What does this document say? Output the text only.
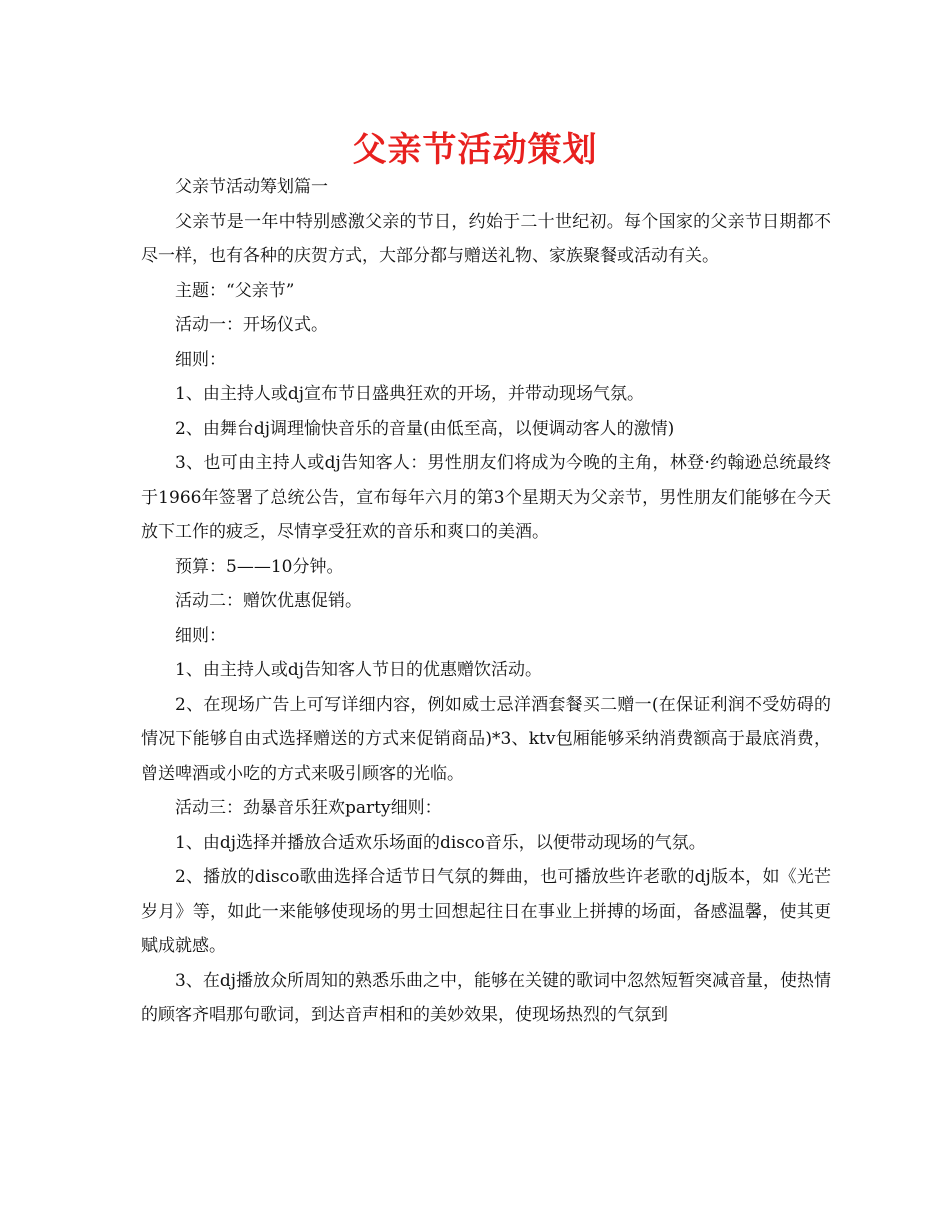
父亲节活动策划

父亲节活动筹划篇一

父亲节是一年中特别感激父亲的节日，约始于二十世纪初。每个国家的父亲节日期都不尽一样，也有各种的庆贺方式，大部分都与赠送礼物、家族聚餐或活动有关。

主题：“父亲节”

活动一：开场仪式。

细则：

1、由主持人或dj宣布节日盛典狂欢的开场，并带动现场气氛。

2、由舞台dj调理愉快音乐的音量(由低至高，以便调动客人的激情)

3、也可由主持人或dj告知客人：男性朋友们将成为今晚的主角，林登·约翰逊总统最终于1966年签署了总统公告，宣布每年六月的第3个星期天为父亲节，男性朋友们能够在今天放下工作的疲乏，尽情享受狂欢的音乐和爽口的美酒。

预算：5——10分钟。

活动二：赠饮优惠促销。

细则：

1、由主持人或dj告知客人节日的优惠赠饮活动。

2、在现场广告上可写详细内容，例如威士忌洋酒套餐买二赠一(在保证利润不受妨碍的情况下能够自由式选择赠送的方式来促销商品)*3、ktv包厢能够采纳消费额高于最底消费，曾送啤酒或小吃的方式来吸引顾客的光临。

活动三：劲暴音乐狂欢party细则：

1、由dj选择并播放合适欢乐场面的disco音乐，以便带动现场的气氛。

2、播放的disco歌曲选择合适节日气氛的舞曲，也可播放些许老歌的dj版本，如《光芒岁月》等，如此一来能够使现场的男士回想起往日在事业上拼搏的场面，备感温馨，使其更赋成就感。

3、在dj播放众所周知的熟悉乐曲之中，能够在关键的歌词中忽然短暂突减音量，使热情的顾客齐唱那句歌词，到达音声相和的美妙效果，使现场热烈的气氛到
